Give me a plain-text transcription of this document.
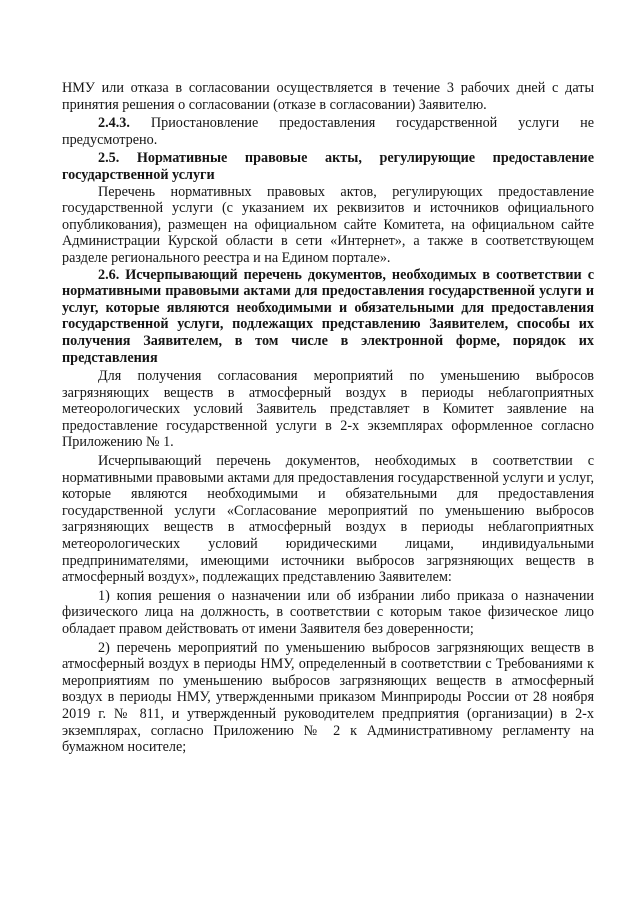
НМУ или отказа в согласовании осуществляется в течение 3 рабочих дней с даты принятия решения о согласовании (отказе в согласовании) Заявителю.

2.4.3. Приостановление предоставления государственной услуги не предусмотрено.

2.5. Нормативные правовые акты, регулирующие предоставление государственной услуги

Перечень нормативных правовых актов, регулирующих предоставление государственной услуги (с указанием их реквизитов и источников официального опубликования), размещен на официальном сайте Комитета, на официальном сайте Администрации Курской области в сети «Интернет», а также в соответствующем разделе регионального реестра и на Едином портале».

2.6. Исчерпывающий перечень документов, необходимых в соответствии с нормативными правовыми актами для предоставления государственной услуги и услуг, которые являются необходимыми и обязательными для предоставления государственной услуги, подлежащих представлению Заявителем, способы их получения Заявителем, в том числе в электронной форме, порядок их представления

Для получения согласования мероприятий по уменьшению выбросов загрязняющих веществ в атмосферный воздух в периоды неблагоприятных метеорологических условий Заявитель представляет в Комитет заявление на предоставление государственной услуги в 2-х экземплярах оформленное согласно Приложению № 1.

Исчерпывающий перечень документов, необходимых в соответствии с нормативными правовыми актами для предоставления государственной услуги и услуг, которые являются необходимыми и обязательными для предоставления государственной услуги «Согласование мероприятий по уменьшению выбросов загрязняющих веществ в атмосферный воздух в периоды неблагоприятных метеорологических условий юридическими лицами, индивидуальными предпринимателями, имеющими источники выбросов загрязняющих веществ в атмосферный воздух», подлежащих представлению Заявителем:

1) копия решения о назначении или об избрании либо приказа о назначении физического лица на должность, в соответствии с которым такое физическое лицо обладает правом действовать от имени Заявителя без доверенности;

2) перечень мероприятий по уменьшению выбросов загрязняющих веществ в атмосферный воздух в периоды НМУ, определенный в соответствии с Требованиями к мероприятиям по уменьшению выбросов загрязняющих веществ в атмосферный воздух в периоды НМУ, утвержденными приказом Минприроды России от 28 ноября 2019 г. № 811, и утвержденный руководителем предприятия (организации) в 2-х экземплярах, согласно Приложению № 2 к Административному регламенту на бумажном носителе;
